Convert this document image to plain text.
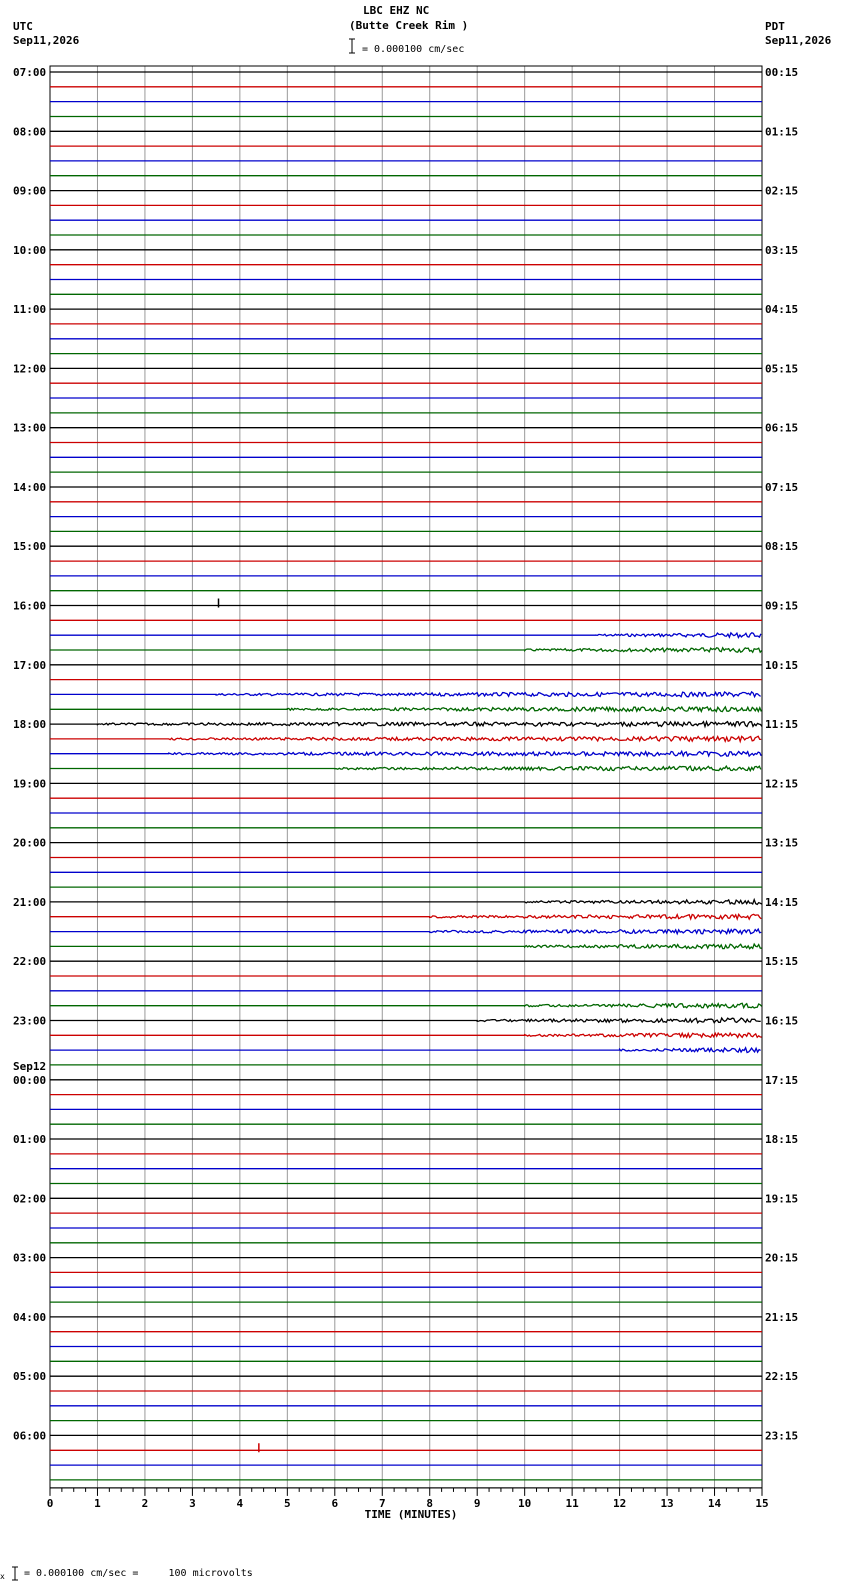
LBC EHZ NC
(Butte Creek Rim )
= 0.000100 cm/sec
UTC
Sep11,2026
PDT
Sep11,2026
x = 0.000100 cm/sec =     100 microvolts
07:00
08:00
09:00
10:00
11:00
12:00
13:00
14:00
15:00
16:00
17:00
18:00
19:00
20:00
21:00
22:00
23:00
00:00
01:00
02:00
03:00
04:00
05:00
06:00
00:15
01:15
02:15
03:15
04:15
05:15
06:15
07:15
08:15
09:15
10:15
11:15
12:15
13:15
14:15
15:15
16:15
17:15
18:15
19:15
20:15
21:15
22:15
23:15
Sep12
0	1	2	3	4	5	6	7	8	9	10	11	12	13	14	15
TIME (MINUTES)
